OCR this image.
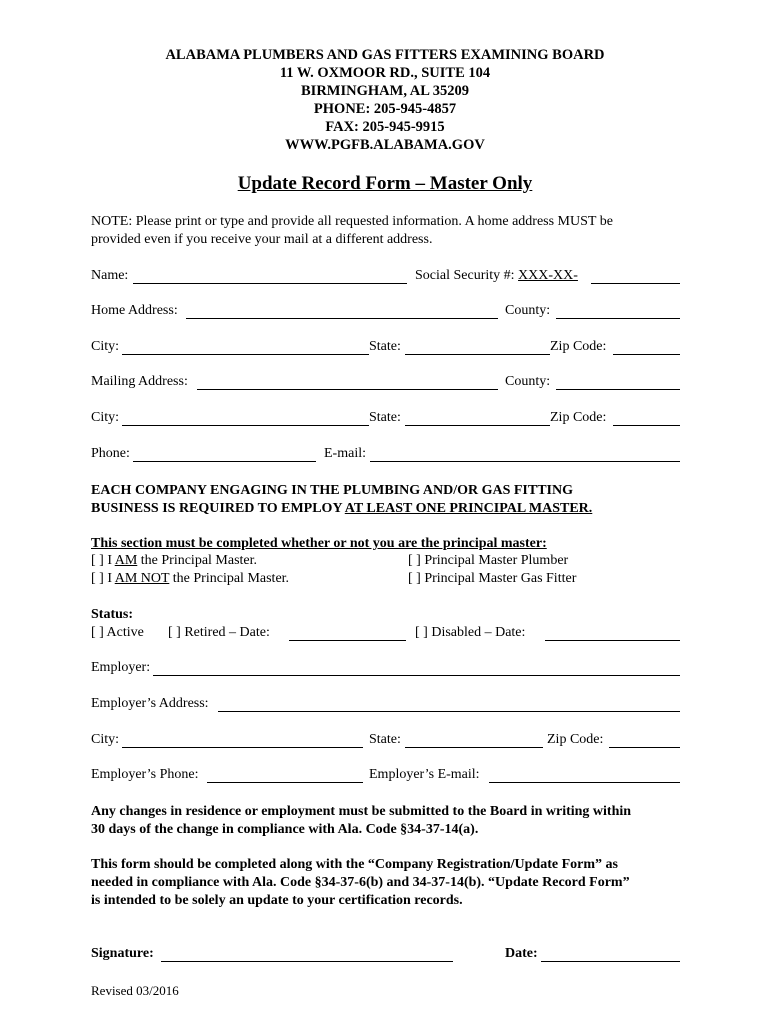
ALABAMA PLUMBERS AND GAS FITTERS EXAMINING BOARD
11 W. OXMOOR RD., SUITE 104
BIRMINGHAM, AL 35209
PHONE: 205-945-4857
FAX: 205-945-9915
WWW.PGFB.ALABAMA.GOV
Update Record Form – Master Only
NOTE: Please print or type and provide all requested information. A home address MUST be
provided even if you receive your mail at a different address.
Name:	Social Security #: XXX-XX-
Home Address:	County:
City:	State:	Zip Code:
Mailing Address:	County:
City:	State:	Zip Code:
Phone:	E-mail:
EACH COMPANY ENGAGING IN THE PLUMBING AND/OR GAS FITTING
BUSINESS IS REQUIRED TO EMPLOY AT LEAST ONE PRINCIPAL MASTER.
This section must be completed whether or not you are the principal master:
[ ] I AM the Principal Master.	[ ] Principal Master Plumber
[ ] I AM NOT the Principal Master.	[ ] Principal Master Gas Fitter
Status:
[ ] Active [ ] Retired – Date:	[ ] Disabled – Date:
Employer:
Employer’s Address:
City:	State:	Zip Code:
Employer’s Phone:	Employer’s E-mail:
Any changes in residence or employment must be submitted to the Board in writing within
30 days of the change in compliance with Ala. Code §34-37-14(a).
This form should be completed along with the “Company Registration/Update Form” as
needed in compliance with Ala. Code §34-37-6(b) and 34-37-14(b). “Update Record Form”
is intended to be solely an update to your certification records.
Signature:	Date:
Revised 03/2016
